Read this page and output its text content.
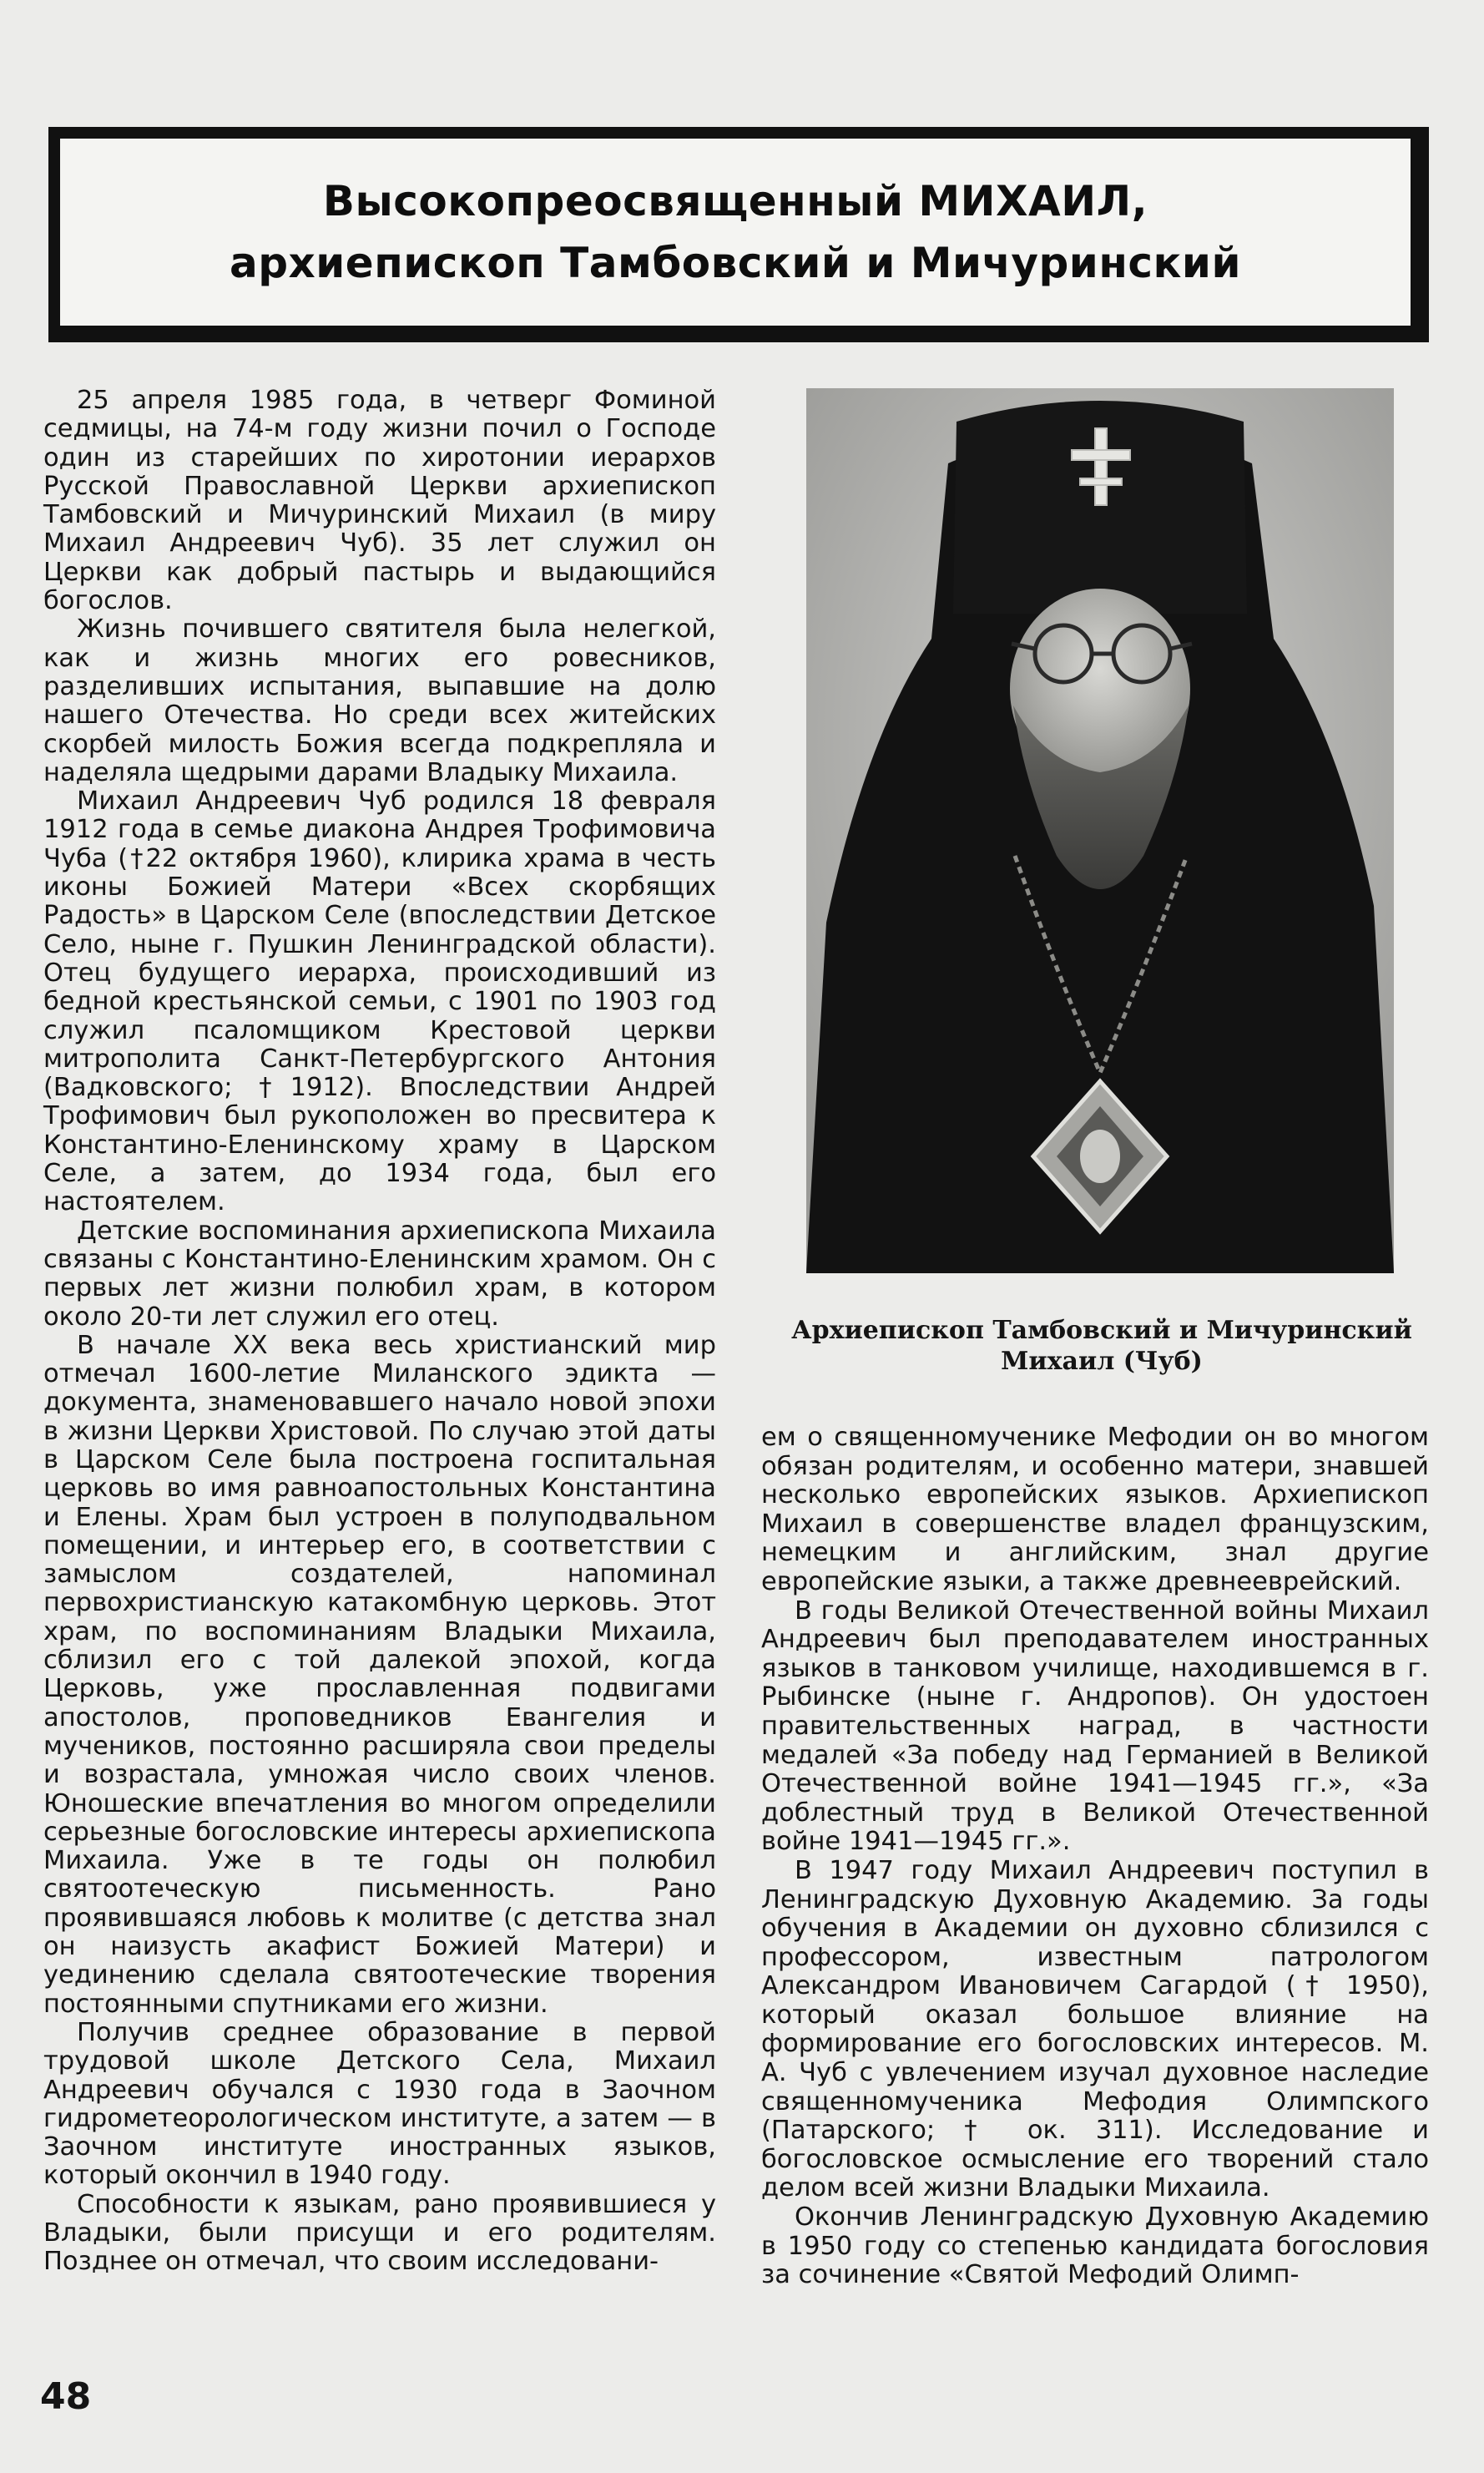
Высокопреосвященный МИХАИЛ,
архиепископ Тамбовский и Мичуринский

25 апреля 1985 года, в четверг Фоминой седмицы, на 74-м году жизни почил о Господе один из старейших по хиротонии иерархов Русской Православной Церкви архиепископ Тамбовский и Мичуринский Михаил (в миру Михаил Андреевич Чуб). 35 лет служил он Церкви как добрый пастырь и выдающийся богослов.

Жизнь почившего святителя была нелегкой, как и жизнь многих его ровесников, разделивших испытания, выпавшие на долю нашего Отечества. Но среди всех житейских скорбей милость Божия всегда подкрепляла и наделяла щедрыми дарами Владыку Михаила.

Михаил Андреевич Чуб родился 18 февраля 1912 года в семье диакона Андрея Трофимовича Чуба (†22 октября 1960), клирика храма в честь иконы Божией Матери «Всех скорбящих Радость» в Царском Селе (впоследствии Детское Село, ныне г. Пушкин Ленинградской области). Отец будущего иерарха, происходивший из бедной крестьянской семьи, с 1901 по 1903 год служил псаломщиком Крестовой церкви митрополита Санкт-Петербургского Антония (Вадковского; †1912). Впоследствии Андрей Трофимович был рукоположен во пресвитера к Константино-Еленинскому храму в Царском Селе, а затем, до 1934 года, был его настоятелем.

Детские воспоминания архиепископа Михаила связаны с Константино-Еленинским храмом. Он с первых лет жизни полюбил храм, в котором около 20-ти лет служил его отец.

В начале XX века весь христианский мир отмечал 1600-летие Миланского эдикта — документа, знаменовавшего начало новой эпохи в жизни Церкви Христовой. По случаю этой даты в Царском Селе была построена госпитальная церковь во имя равноапостольных Константина и Елены. Храм был устроен в полуподвальном помещении, и интерьер его, в соответствии с замыслом создателей, напоминал первохристианскую катакомбную церковь. Этот храм, по воспоминаниям Владыки Михаила, сблизил его с той далекой эпохой, когда Церковь, уже прославленная подвигами апостолов, проповедников Евангелия и мучеников, постоянно расширяла свои пределы и возрастала, умножая число своих членов. Юношеские впечатления во многом определили серьезные богословские интересы архиепископа Михаила. Уже в те годы он полюбил святоотеческую письменность. Рано проявившаяся любовь к молитве (с детства знал он наизусть акафист Божией Матери) и уединению сделала святоотеческие творения постоянными спутниками его жизни.

Получив среднее образование в первой трудовой школе Детского Села, Михаил Андреевич обучался с 1930 года в Заочном гидрометеорологическом институте, а затем — в Заочном институте иностранных языков, который окончил в 1940 году.

Способности к языкам, рано проявившиеся у Владыки, были присущи и его родителям. Позднее он отмечал, что своим исследовани-

Архиепископ Тамбовский и Мичуринский
Михаил (Чуб)

ем о священномученике Мефодии он во многом обязан родителям, и особенно матери, знавшей несколько европейских языков. Архиепископ Михаил в совершенстве владел французским, немецким и английским, знал другие европейские языки, а также древнееврейский.

В годы Великой Отечественной войны Михаил Андреевич был преподавателем иностранных языков в танковом училище, находившемся в г. Рыбинске (ныне г. Андропов). Он удостоен правительственных наград, в частности медалей «За победу над Германией в Великой Отечественной войне 1941—1945 гг.», «За доблестный труд в Великой Отечественной войне 1941—1945 гг.».

В 1947 году Михаил Андреевич поступил в Ленинградскую Духовную Академию. За годы обучения в Академии он духовно сблизился с профессором, известным патрологом Александром Ивановичем Сагардой († 1950), который оказал большое влияние на формирование его богословских интересов. М. А. Чуб с увлечением изучал духовное наследие священномученика Мефодия Олимпского (Патарского; † ок. 311). Исследование и богословское осмысление его творений стало делом всей жизни Владыки Михаила.

Окончив Ленинградскую Духовную Академию в 1950 году со степенью кандидата богословия за сочинение «Святой Мефодий Олимп-

48
